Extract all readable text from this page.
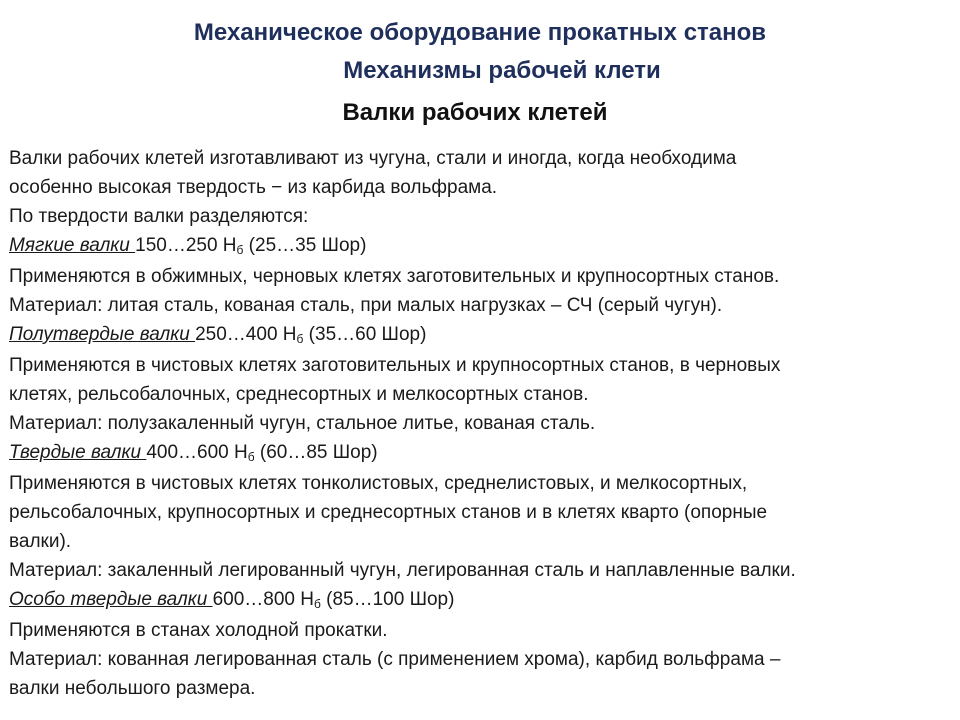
Механическое оборудование прокатных станов
Механизмы рабочей клети
Валки рабочих клетей
Валки рабочих клетей изготавливают из чугуна, стали и иногда, когда необходима
особенно высокая твердость − из карбида вольфрама.
По твердости валки разделяются:
Мягкие валки 150…250 $H_б$ (25…35 Шор)
Применяются в обжимных, черновых клетях заготовительных и крупносортных станов.
Материал: литая сталь, кованая сталь, при малых нагрузках – СЧ (серый чугун).
Полутвердые валки 250…400 $H_б$ (35…60 Шор)
Применяются в чистовых клетях заготовительных и крупносортных станов, в черновых
клетях, рельсобалочных, среднесортных и мелкосортных станов.
Материал: полузакаленный чугун, стальное литье, кованая сталь.
Твердые валки 400…600 $H_б$ (60…85 Шор)
Применяются в чистовых клетях тонколистовых, среднелистовых, и мелкосортных,
рельсобалочных, крупносортных и среднесортных станов и в клетях кварто (опорные
валки).
Материал: закаленный легированный чугун, легированная сталь и наплавленные валки.
Особо твердые валки 600…800 $H_б$ (85…100 Шор)
Применяются в станах холодной прокатки.
Материал: кованная легированная сталь (с применением хрома), карбид вольфрама –
валки небольшого размера.
